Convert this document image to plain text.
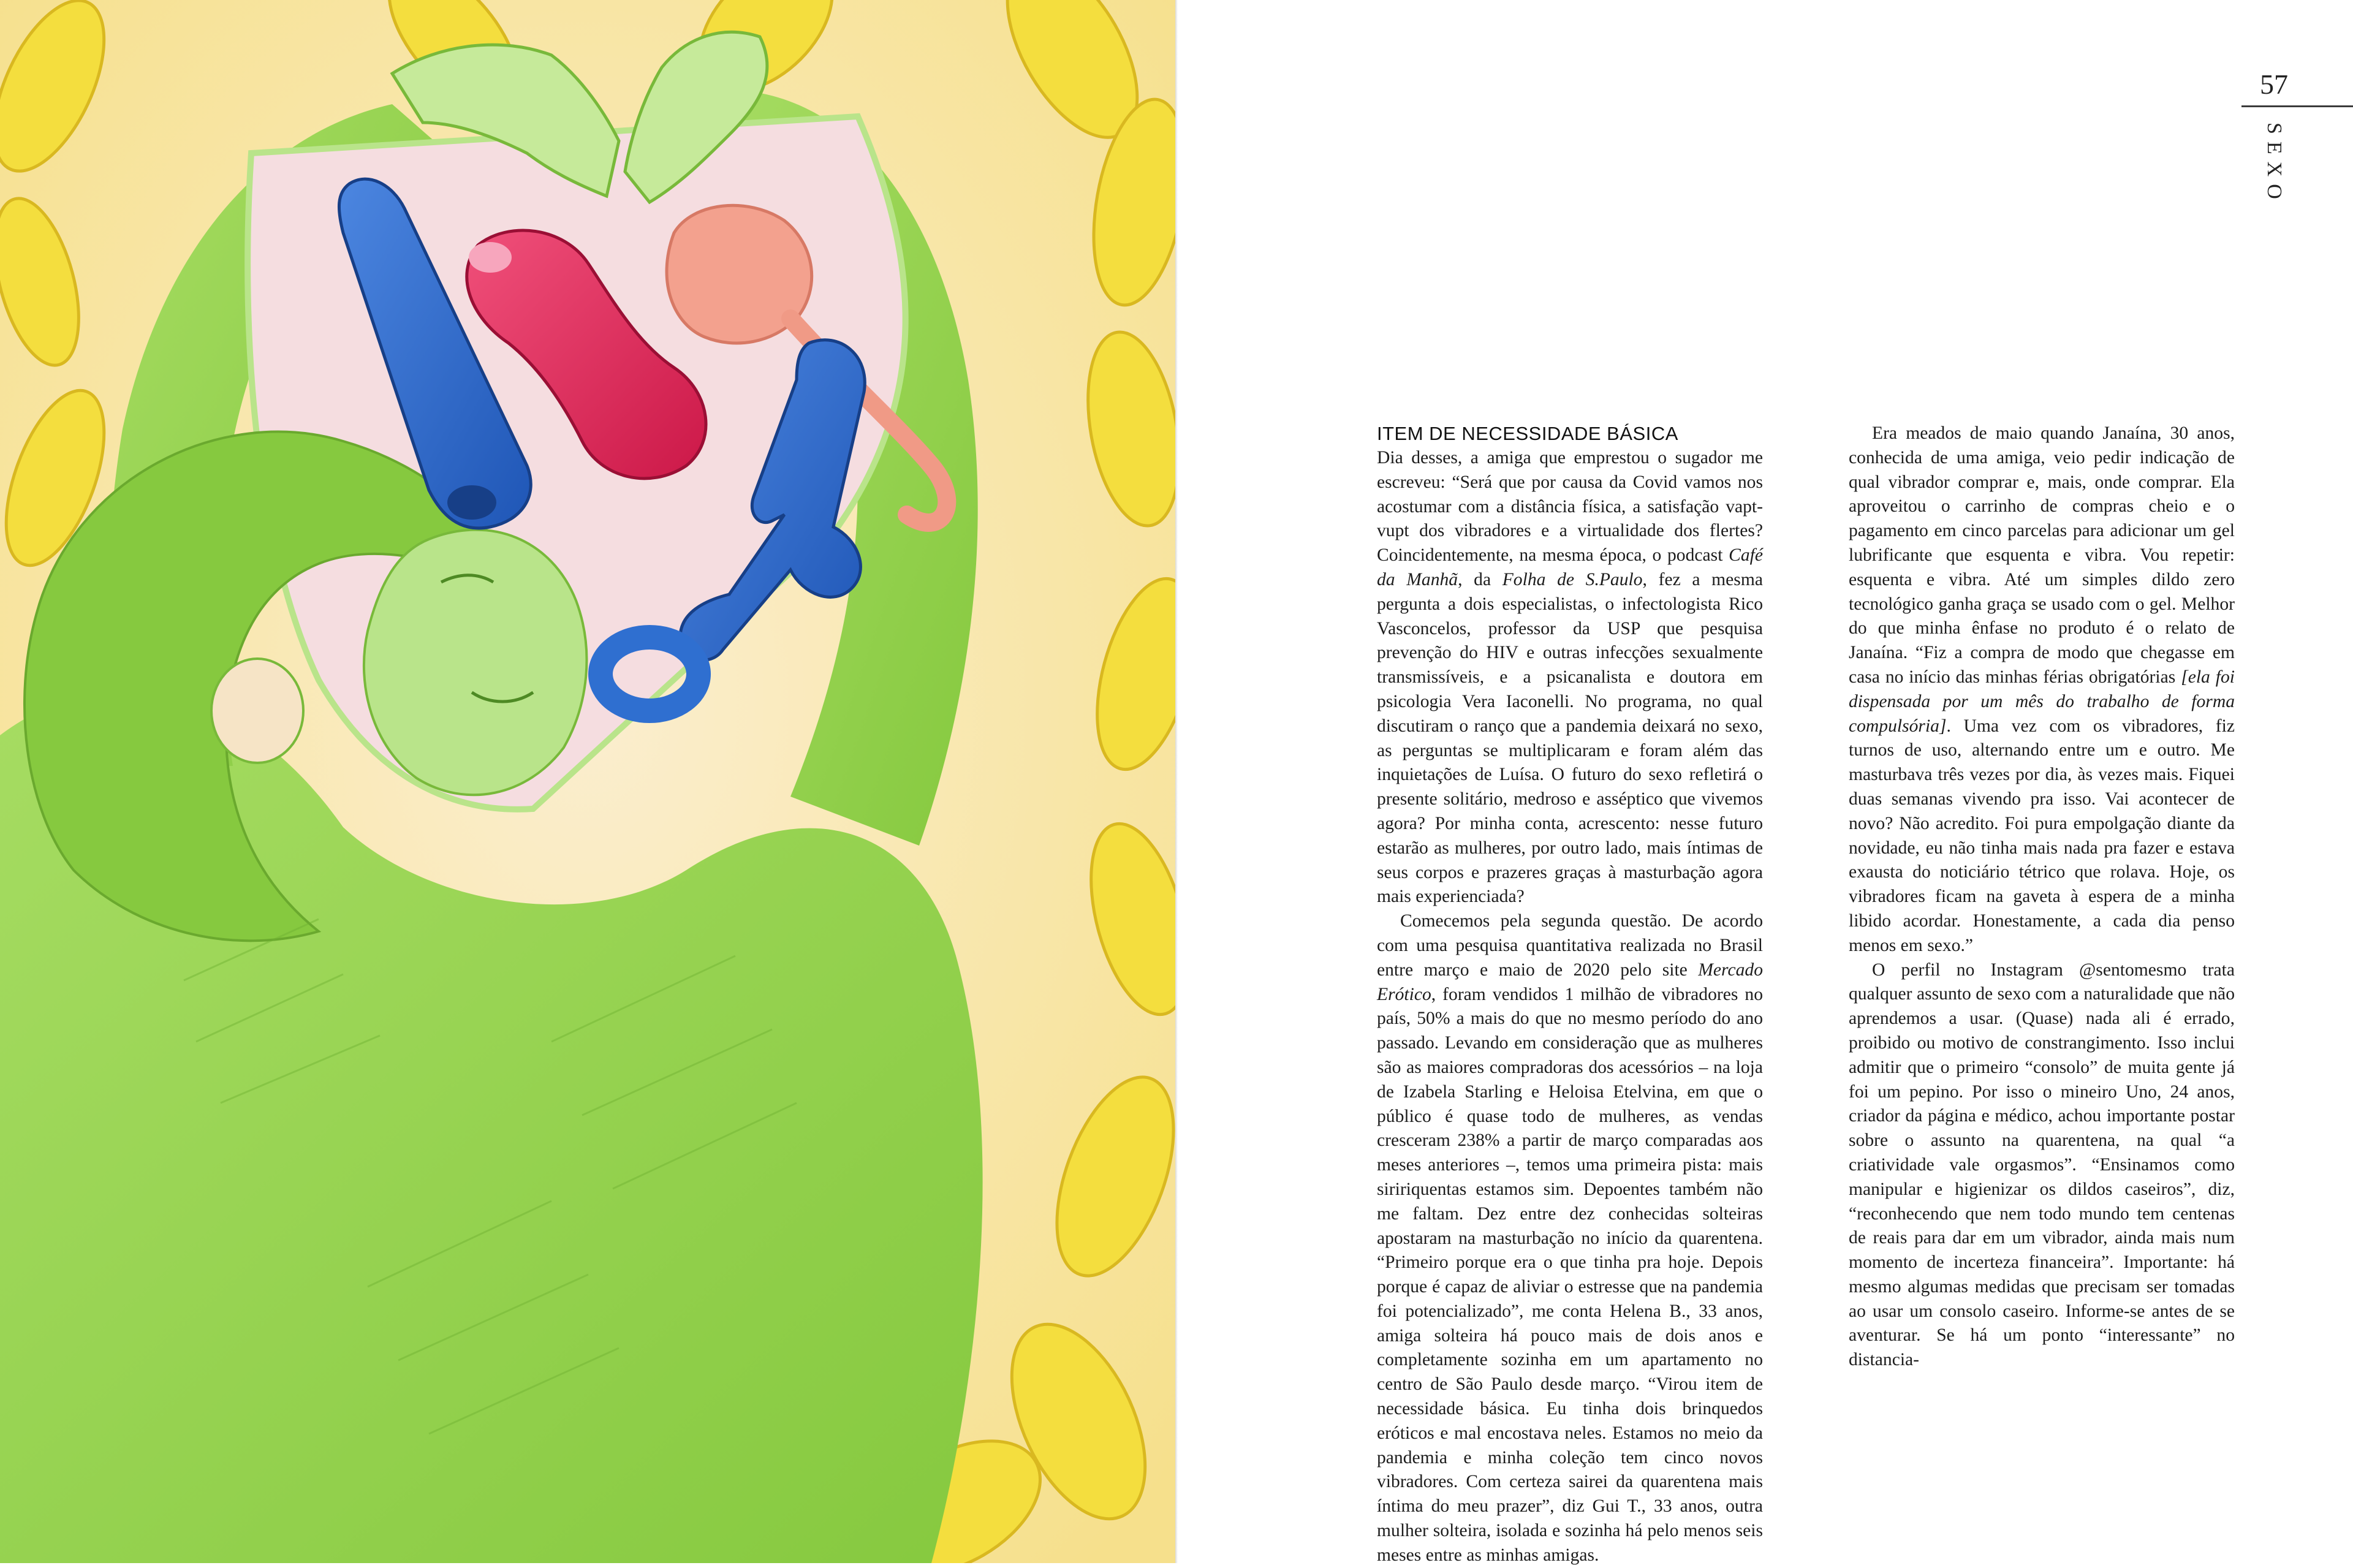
57
SEXO
ITEM DE NECESSIDADE BÁSICA

Dia desses, a amiga que emprestou o sugador me escreveu: “Será que por causa da Covid vamos nos acostumar com a distância física, a satisfação vapt-vupt dos vibradores e a virtualidade dos flertes? Coincidentemente, na mesma época, o podcast Café da Manhã, da Folha de S.Paulo, fez a mesma pergunta a dois especialistas, o infectologista Rico Vasconcelos, professor da USP que pesquisa prevenção do HIV e outras infecções sexualmente transmissíveis, e a psicanalista e doutora em psicologia Vera Iaconelli. No programa, no qual discutiram o ranço que a pandemia deixará no sexo, as perguntas se multiplicaram e foram além das inquietações de Luísa. O futuro do sexo refletirá o presente solitário, medroso e asséptico que vivemos agora? Por minha conta, acrescento: nesse futuro estarão as mulheres, por outro lado, mais íntimas de seus corpos e prazeres graças à masturbação agora mais experienciada?

Comecemos pela segunda questão. De acordo com uma pesquisa quantitativa realizada no Brasil entre março e maio de 2020 pelo site Mercado Erótico, foram vendidos 1 milhão de vibradores no país, 50% a mais do que no mesmo período do ano passado. Levando em consideração que as mulheres são as maiores compradoras dos acessórios – na loja de Izabela Starling e Heloisa Etelvina, em que o público é quase todo de mulheres, as vendas cresceram 238% a partir de março comparadas aos meses anteriores –, temos uma primeira pista: mais siririquentas estamos sim. Depoentes também não me faltam. Dez entre dez conhecidas solteiras apostaram na masturbação no início da quarentena. “Primeiro porque era o que tinha pra hoje. Depois porque é capaz de aliviar o estresse que na pandemia foi potencializado”, me conta Helena B., 33 anos, amiga solteira há pouco mais de dois anos e completamente sozinha em um apartamento no centro de São Paulo desde março. “Virou item de necessidade básica. Eu tinha dois brinquedos eróticos e mal encostava neles. Estamos no meio da pandemia e minha coleção tem cinco novos vibradores. Com certeza sairei da quarentena mais íntima do meu prazer”, diz Gui T., 33 anos, outra mulher solteira, isolada e sozinha há pelo menos seis meses entre as minhas amigas.

Era meados de maio quando Janaína, 30 anos, conhecida de uma amiga, veio pedir indicação de qual vibrador comprar e, mais, onde comprar. Ela aproveitou o carrinho de compras cheio e o pagamento em cinco parcelas para adicionar um gel lubrificante que esquenta e vibra. Vou repetir: esquenta e vibra. Até um simples dildo zero tecnológico ganha graça se usado com o gel. Melhor do que minha ênfase no produto é o relato de Janaína. “Fiz a compra de modo que chegasse em casa no início das minhas férias obrigatórias [ela foi dispensada por um mês do trabalho de forma compulsória]. Uma vez com os vibradores, fiz turnos de uso, alternando entre um e outro. Me masturbava três vezes por dia, às vezes mais. Fiquei duas semanas vivendo pra isso. Vai acontecer de novo? Não acredito. Foi pura empolgação diante da novidade, eu não tinha mais nada pra fazer e estava exausta do noticiário tétrico que rolava. Hoje, os vibradores ficam na gaveta à espera de a minha libido acordar. Honestamente, a cada dia penso menos em sexo.”

O perfil no Instagram @sentomesmo trata qualquer assunto de sexo com a naturalidade que não aprendemos a usar. (Quase) nada ali é errado, proibido ou motivo de constrangimento. Isso inclui admitir que o primeiro “consolo” de muita gente já foi um pepino. Por isso o mineiro Uno, 24 anos, criador da página e médico, achou importante postar sobre o assunto na quarentena, na qual “a criatividade vale orgasmos”. “Ensinamos como manipular e higienizar os dildos caseiros”, diz, “reconhecendo que nem todo mundo tem centenas de reais para dar em um vibrador, ainda mais num momento de incerteza financeira”. Importante: há mesmo algumas medidas que precisam ser tomadas ao usar um consolo caseiro. Informe-se antes de se aventurar. Se há um ponto “interessante” no distancia-
